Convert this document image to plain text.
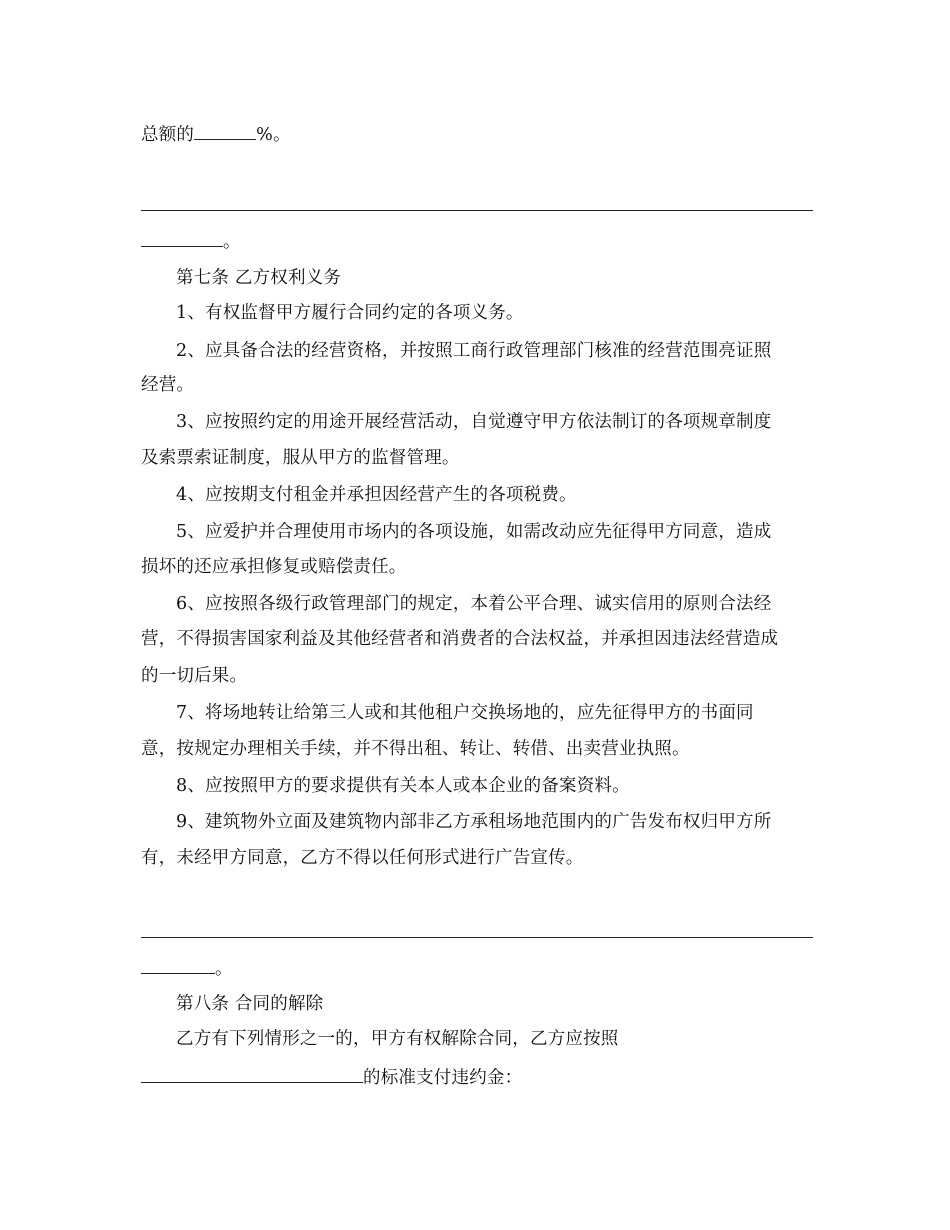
总额的	%。
。
第七条 乙方权利义务
1、有权监督甲方履行合同约定的各项义务。
2、应具备合法的经营资格，并按照工商行政管理部门核准的经营范围亮证照
经营。
3、应按照约定的用途开展经营活动，自觉遵守甲方依法制订的各项规章制度
及索票索证制度，服从甲方的监督管理。
4、应按期支付租金并承担因经营产生的各项税费。
5、应爱护并合理使用市场内的各项设施，如需改动应先征得甲方同意，造成
损坏的还应承担修复或赔偿责任。
6、应按照各级行政管理部门的规定，本着公平合理、诚实信用的原则合法经
营，不得损害国家利益及其他经营者和消费者的合法权益，并承担因违法经营造成
的一切后果。
7、将场地转让给第三人或和其他租户交换场地的，应先征得甲方的书面同
意，按规定办理相关手续，并不得出租、转让、转借、出卖营业执照。
8、应按照甲方的要求提供有关本人或本企业的备案资料。
9、建筑物外立面及建筑物内部非乙方承租场地范围内的广告发布权归甲方所
有，未经甲方同意，乙方不得以任何形式进行广告宣传。
。
第八条 合同的解除
乙方有下列情形之一的，甲方有权解除合同，乙方应按照
的标准支付违约金：
